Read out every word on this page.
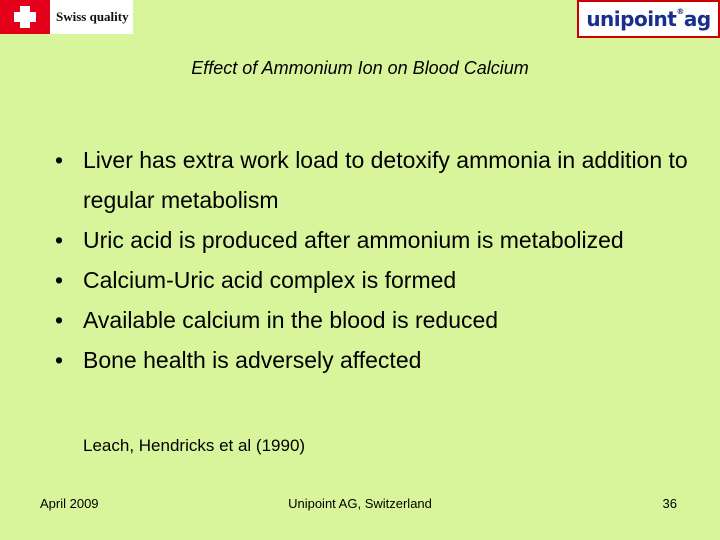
Swiss quality	unipoint®ag
Effect of Ammonium Ion on Blood Calcium
• Liver has extra work load to detoxify ammonia in addition to regular metabolism
• Uric acid is produced after ammonium is metabolized
• Calcium-Uric acid complex is formed
• Available calcium in the blood is reduced
• Bone health is adversely affected
Leach, Hendricks et al (1990)
April 2009	Unipoint AG, Switzerland	36
